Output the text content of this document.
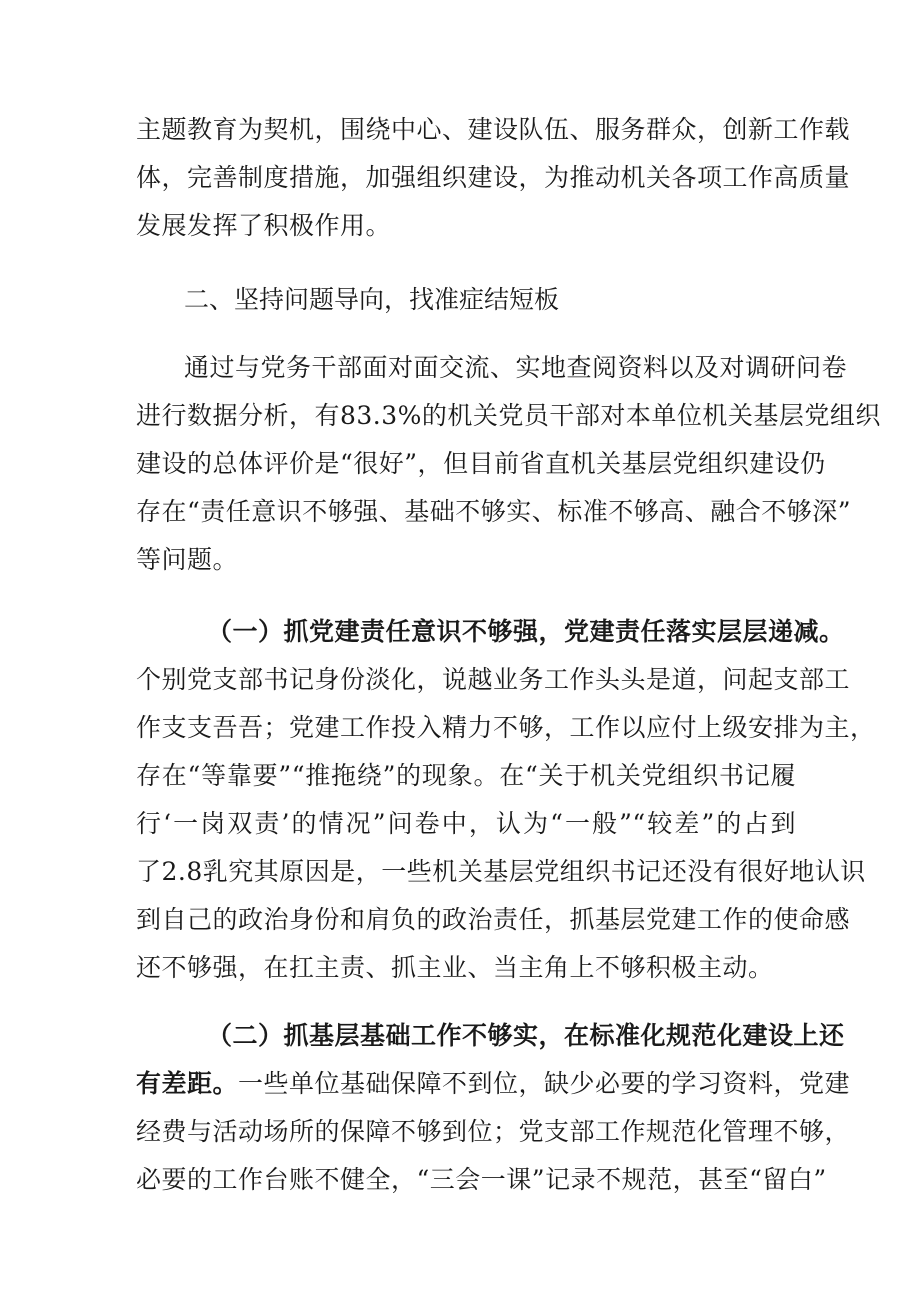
主题教育为契机，围绕中心、建设队伍、服务群众，创新工作载
体，完善制度措施，加强组织建设，为推动机关各项工作高质量
发展发挥了积极作用。
二、坚持问题导向，找准症结短板
通过与党务干部面对面交流、实地查阅资料以及对调研问卷
进行数据分析，有83.3%的机关党员干部对本单位机关基层党组织
建设的总体评价是“很好”，但目前省直机关基层党组织建设仍
存在“责任意识不够强、基础不够实、标准不够高、融合不够深”
等问题。
（一）抓党建责任意识不够强，党建责任落实层层递减。
个别党支部书记身份淡化，说越业务工作头头是道，问起支部工
作支支吾吾；党建工作投入精力不够，工作以应付上级安排为主，
存在“等靠要”“推拖绕”的现象。在“关于机关党组织书记履
行‘一岗双责’的情况”问卷中，认为“一般”“较差”的占到
了2.8乳究其原因是，一些机关基层党组织书记还没有很好地认识
到自己的政治身份和肩负的政治责任，抓基层党建工作的使命感
还不够强，在扛主责、抓主业、当主角上不够积极主动。
（二）抓基层基础工作不够实，在标准化规范化建设上还
有差距。一些单位基础保障不到位，缺少必要的学习资料，党建
经费与活动场所的保障不够到位；党支部工作规范化管理不够，
必要的工作台账不健全，“三会一课”记录不规范，甚至“留白”
